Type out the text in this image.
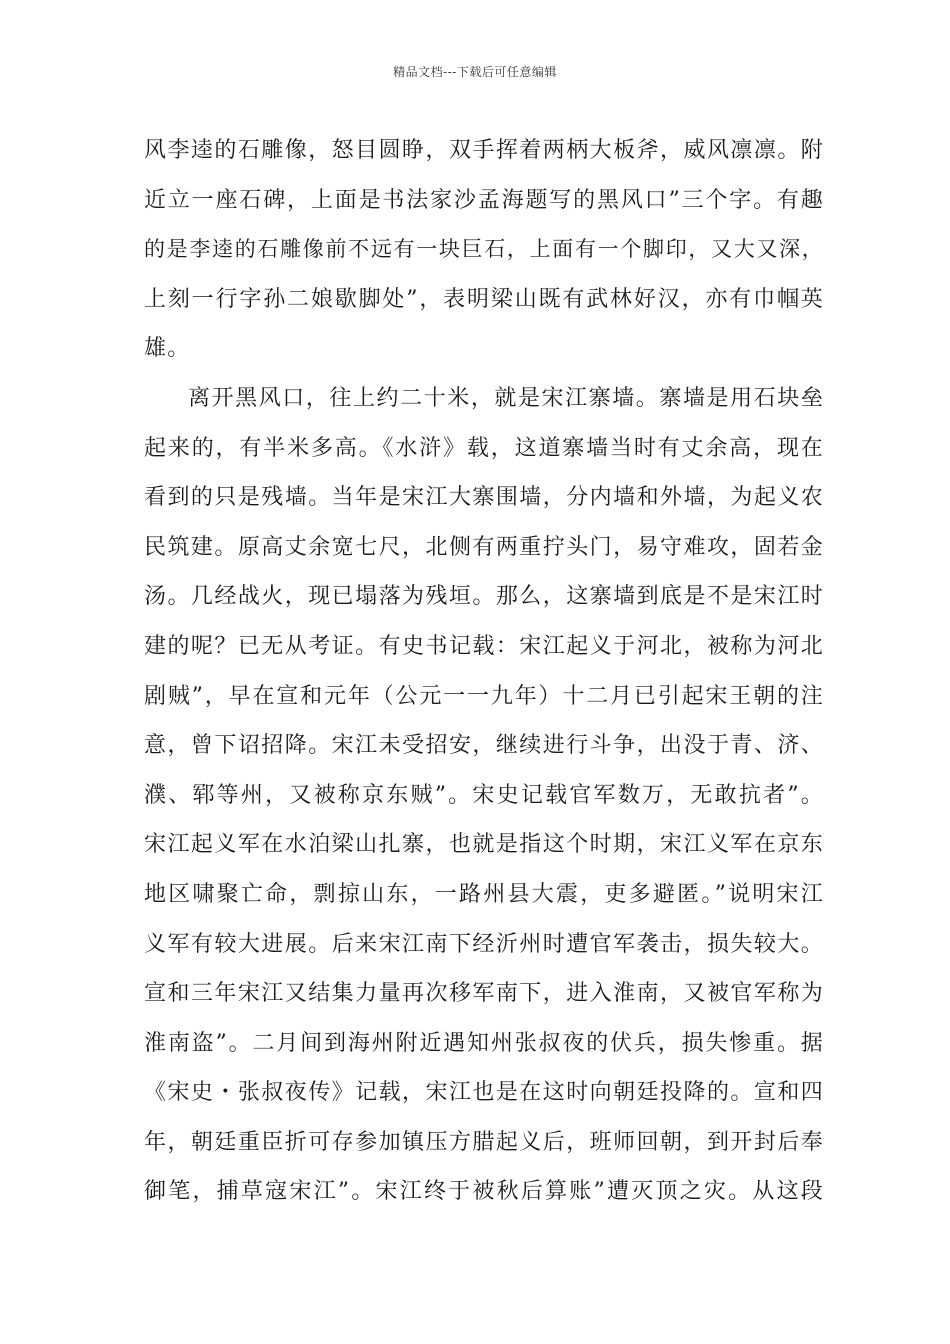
精品文档---下载后可任意编辑
风李逵的石雕像，怒目圆睁，双手挥着两柄大板斧，威风凛凛。附
近立一座石碑，上面是书法家沙孟海题写的黑风口”三个字。有趣
的是李逵的石雕像前不远有一块巨石，上面有一个脚印，又大又深，
上刻一行字孙二娘歇脚处”，表明梁山既有武林好汉，亦有巾帼英
雄。
离开黑风口，往上约二十米，就是宋江寨墙。寨墙是用石块垒
起来的，有半米多高。《水浒》载，这道寨墙当时有丈余高，现在
看到的只是残墙。当年是宋江大寨围墙，分内墙和外墙，为起义农
民筑建。原高丈余宽七尺，北侧有两重拧头门，易守难攻，固若金
汤。几经战火，现已塌落为残垣。那么，这寨墙到底是不是宋江时
建的呢？已无从考证。有史书记载：宋江起义于河北，被称为河北
剧贼”，早在宣和元年（公元一一九年）十二月已引起宋王朝的注
意，曾下诏招降。宋江未受招安，继续进行斗争，出没于青、济、
濮、郓等州，又被称京东贼”。宋史记载官军数万，无敢抗者”。
宋江起义军在水泊梁山扎寨，也就是指这个时期，宋江义军在京东
地区啸聚亡命，剽掠山东，一路州县大震，吏多避匿。”说明宋江
义军有较大进展。后来宋江南下经沂州时遭官军袭击，损失较大。
宣和三年宋江又结集力量再次移军南下，进入淮南，又被官军称为
淮南盗”。二月间到海州附近遇知州张叔夜的伏兵，损失惨重。据
《宋史・张叔夜传》记载，宋江也是在这时向朝廷投降的。宣和四
年，朝廷重臣折可存参加镇压方腊起义后，班师回朝，到开封后奉
御笔，捕草寇宋江”。宋江终于被秋后算账”遭灭顶之灾。从这段
